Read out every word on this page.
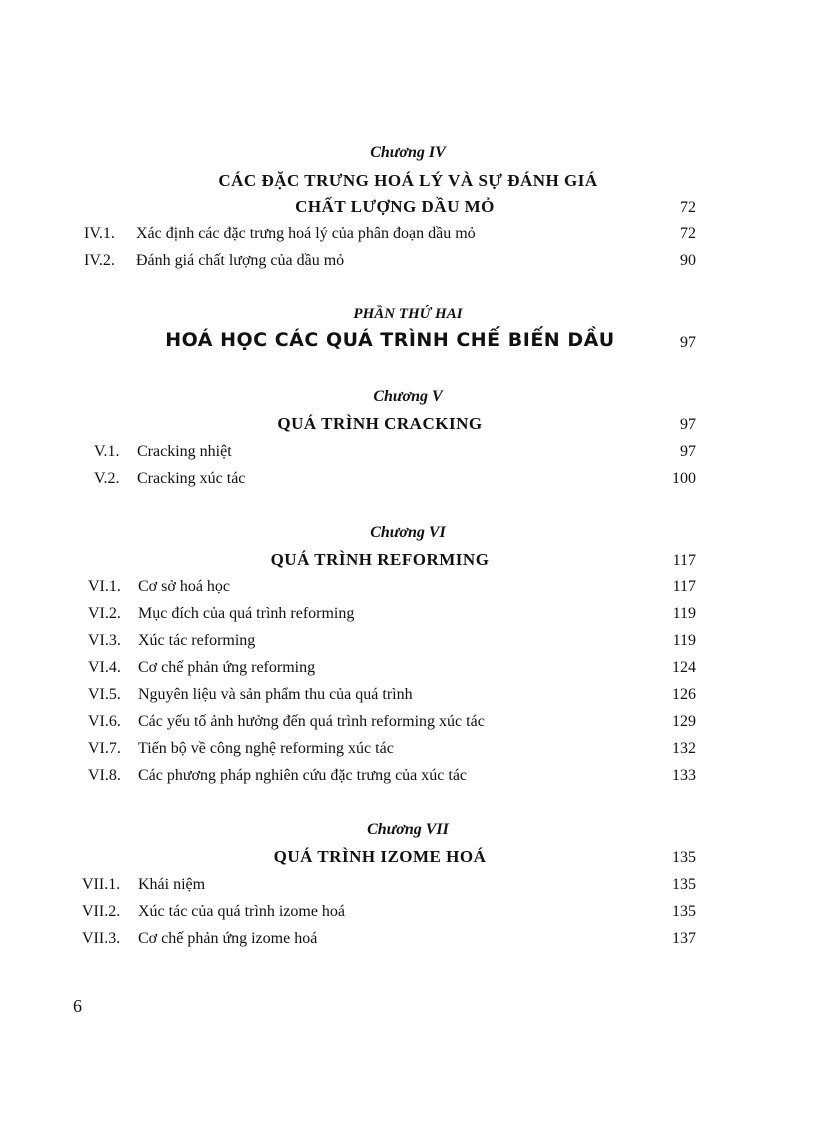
Chương IV
CÁC ĐẶC TRƯNG HOÁ LÝ VÀ SỰ ĐÁNH GIÁ
CHẤT LƯỢNG DẦU MỎ	72
IV.1. Xác định các đặc trưng hoá lý của phân đoạn dầu mỏ	72
IV.2. Đánh giá chất lượng của dầu mỏ	90
PHẦN THỨ HAI
HOÁ HỌC CÁC QUÁ TRÌNH CHẾ BIẾN DẦU	97
Chương V
QUÁ TRÌNH CRACKING	97
V.1. Cracking nhiệt	97
V.2. Cracking xúc tác	100
Chương VI
QUÁ TRÌNH REFORMING	117
VI.1. Cơ sở hoá học	117
VI.2. Mục đích của quá trình reforming	119
VI.3. Xúc tác reforming	119
VI.4. Cơ chế phản ứng reforming	124
VI.5. Nguyên liệu và sản phẩm thu của quá trình	126
VI.6. Các yếu tố ảnh hưởng đến quá trình reforming xúc tác	129
VI.7. Tiến bộ về công nghệ reforming xúc tác	132
VI.8. Các phương pháp nghiên cứu đặc trưng của xúc tác	133
Chương VII
QUÁ TRÌNH IZOME HOÁ	135
VII.1. Khái niệm	135
VII.2. Xúc tác của quá trình izome hoá	135
VII.3. Cơ chế phản ứng izome hoá	137
6
